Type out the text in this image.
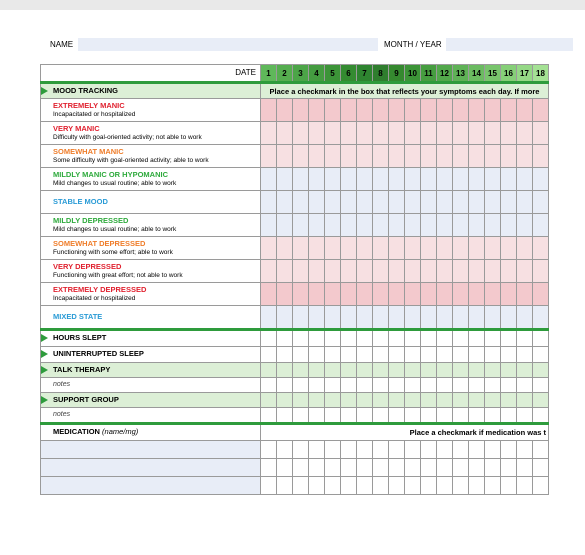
NAME	MONTH / YEAR
DATE	1	2	3	4	5	6	7	8	9	10	11	12	13	14	15	16	17	18

MOOD TRACKING	Place a checkmark in the box that reflects your symptoms each day. If more																	

EXTREMELY MANIC
Incapacitated or hospitalized																		

VERY MANIC
Difficulty with goal-oriented activity; not able to work																		

SOMEWHAT MANIC
Some difficulty with goal-oriented activity; able to work																		

MILDLY MANIC OR HYPOMANIC
Mild changes to usual routine; able to work																		

STABLE MOOD																		

MILDLY DEPRESSED
Mild changes to usual routine; able to work																		

SOMEWHAT DEPRESSED
Functioning with some effort; able to work																		

VERY DEPRESSED
Functioning with great effort; not able to work																		

EXTREMELY DEPRESSED
Incapacitated or hospitalized																		

MIXED STATE																		

HOURS SLEPT																		

UNINTERRUPTED SLEEP																		

TALK THERAPY																		
notes																		

SUPPORT GROUP																		
notes																		
MEDICATION (name/mg)	Place a checkmark if medication was t																	
